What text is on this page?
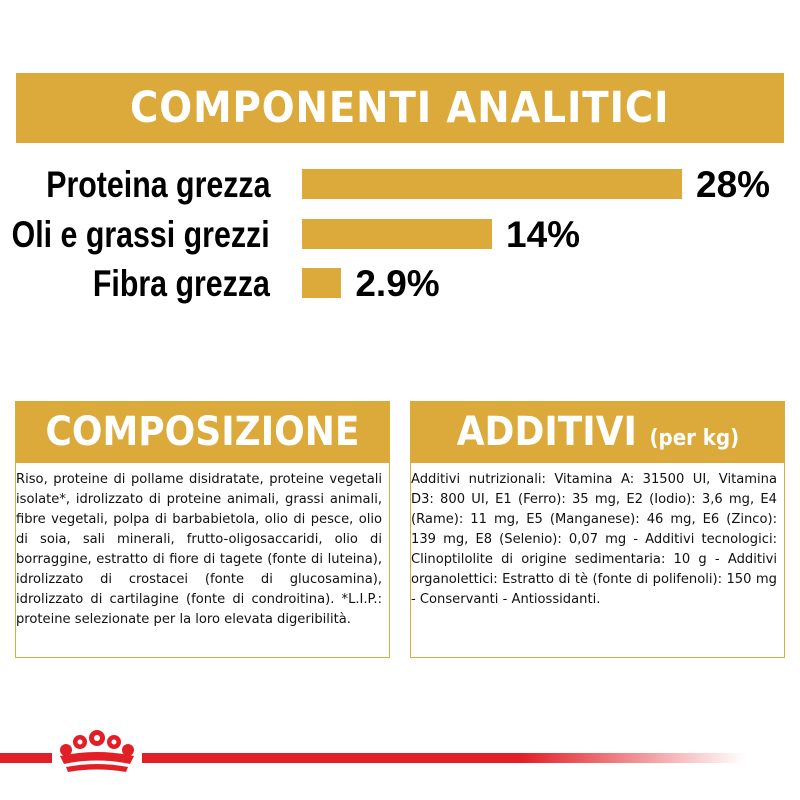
COMPONENTI ANALITICI
Proteina grezza	28%
Oli e grassi grezzi	14%
Fibra grezza 2.9%
COMPOSIZIONE

Riso, proteine di pollame disidratate, proteine vegetali isolate*, idrolizzato di proteine animali, grassi animali, fibre vegetali, polpa di barbabietola, olio di pesce, olio di soia, sali minerali, frutto-oligosaccaridi, olio di borraggine, estratto di fiore di tagete (fonte di luteina), idrolizzato di crostacei (fonte di glucosamina), idrolizzato di cartilagine (fonte di condroitina). *L.I.P.: proteine selezionate per la loro elevata digeribilità.

ADDITIVI (per kg)

Additivi nutrizionali: Vitamina A: 31500 UI, Vitamina D3: 800 UI, E1 (Ferro): 35 mg, E2 (Iodio): 3,6 mg, E4 (Rame): 11 mg, E5 (Manganese): 46 mg, E6 (Zinco): 139 mg, E8 (Selenio): 0,07 mg - Additivi tecnologici: Clinoptilolite di origine sedimentaria: 10 g - Additivi organolettici: Estratto di tè (fonte di polifenoli): 150 mg - Conservanti - Antiossidanti.
